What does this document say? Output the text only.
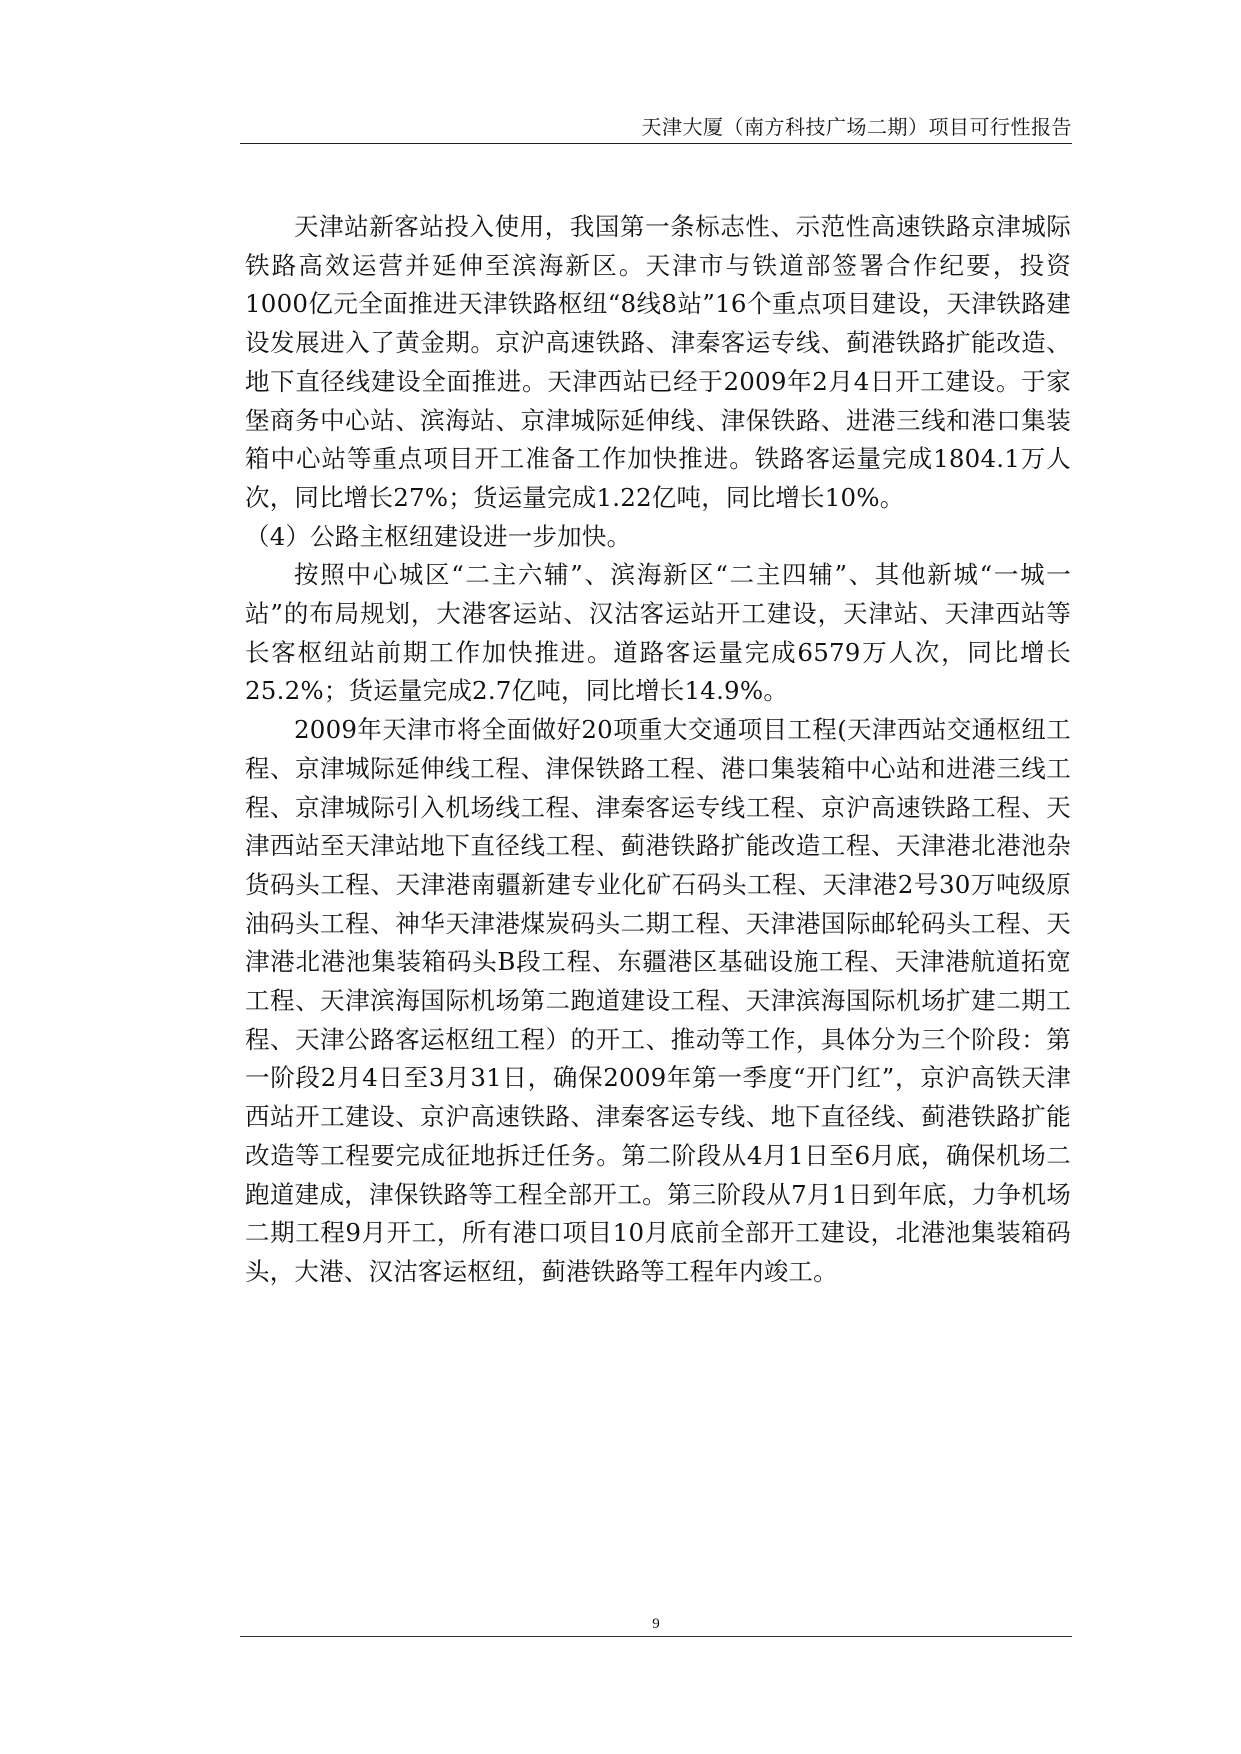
天津大厦（南方科技广场二期）项目可行性报告

天津站新客站投入使用，我国第一条标志性、示范性高速铁路京津城际铁路高效运营并延伸至滨海新区。天津市与铁道部签署合作纪要，投资1000亿元全面推进天津铁路枢纽“8线8站”16个重点项目建设，天津铁路建设发展进入了黄金期。京沪高速铁路、津秦客运专线、蓟港铁路扩能改造、地下直径线建设全面推进。天津西站已经于2009年2月4日开工建设。于家堡商务中心站、滨海站、京津城际延伸线、津保铁路、进港三线和港口集装箱中心站等重点项目开工准备工作加快推进。铁路客运量完成1804.1万人次，同比增长27%；货运量完成1.22亿吨，同比增长10%。

（4）公路主枢纽建设进一步加快。

按照中心城区“二主六辅”、滨海新区“二主四辅”、其他新城“一城一站”的布局规划，大港客运站、汉沽客运站开工建设，天津站、天津西站等长客枢纽站前期工作加快推进。道路客运量完成6579万人次，同比增长25.2%；货运量完成2.7亿吨，同比增长14.9%。

2009年天津市将全面做好20项重大交通项目工程(天津西站交通枢纽工程、京津城际延伸线工程、津保铁路工程、港口集装箱中心站和进港三线工程、京津城际引入机场线工程、津秦客运专线工程、京沪高速铁路工程、天津西站至天津站地下直径线工程、蓟港铁路扩能改造工程、天津港北港池杂货码头工程、天津港南疆新建专业化矿石码头工程、天津港2号30万吨级原油码头工程、神华天津港煤炭码头二期工程、天津港国际邮轮码头工程、天津港北港池集装箱码头B段工程、东疆港区基础设施工程、天津港航道拓宽工程、天津滨海国际机场第二跑道建设工程、天津滨海国际机场扩建二期工程、天津公路客运枢纽工程）的开工、推动等工作，具体分为三个阶段：第一阶段2月4日至3月31日，确保2009年第一季度“开门红”，京沪高铁天津西站开工建设、京沪高速铁路、津秦客运专线、地下直径线、蓟港铁路扩能改造等工程要完成征地拆迁任务。第二阶段从4月1日至6月底，确保机场二跑道建成，津保铁路等工程全部开工。第三阶段从7月1日到年底，力争机场二期工程9月开工，所有港口项目10月底前全部开工建设，北港池集装箱码头，大港、汉沽客运枢纽，蓟港铁路等工程年内竣工。

9
